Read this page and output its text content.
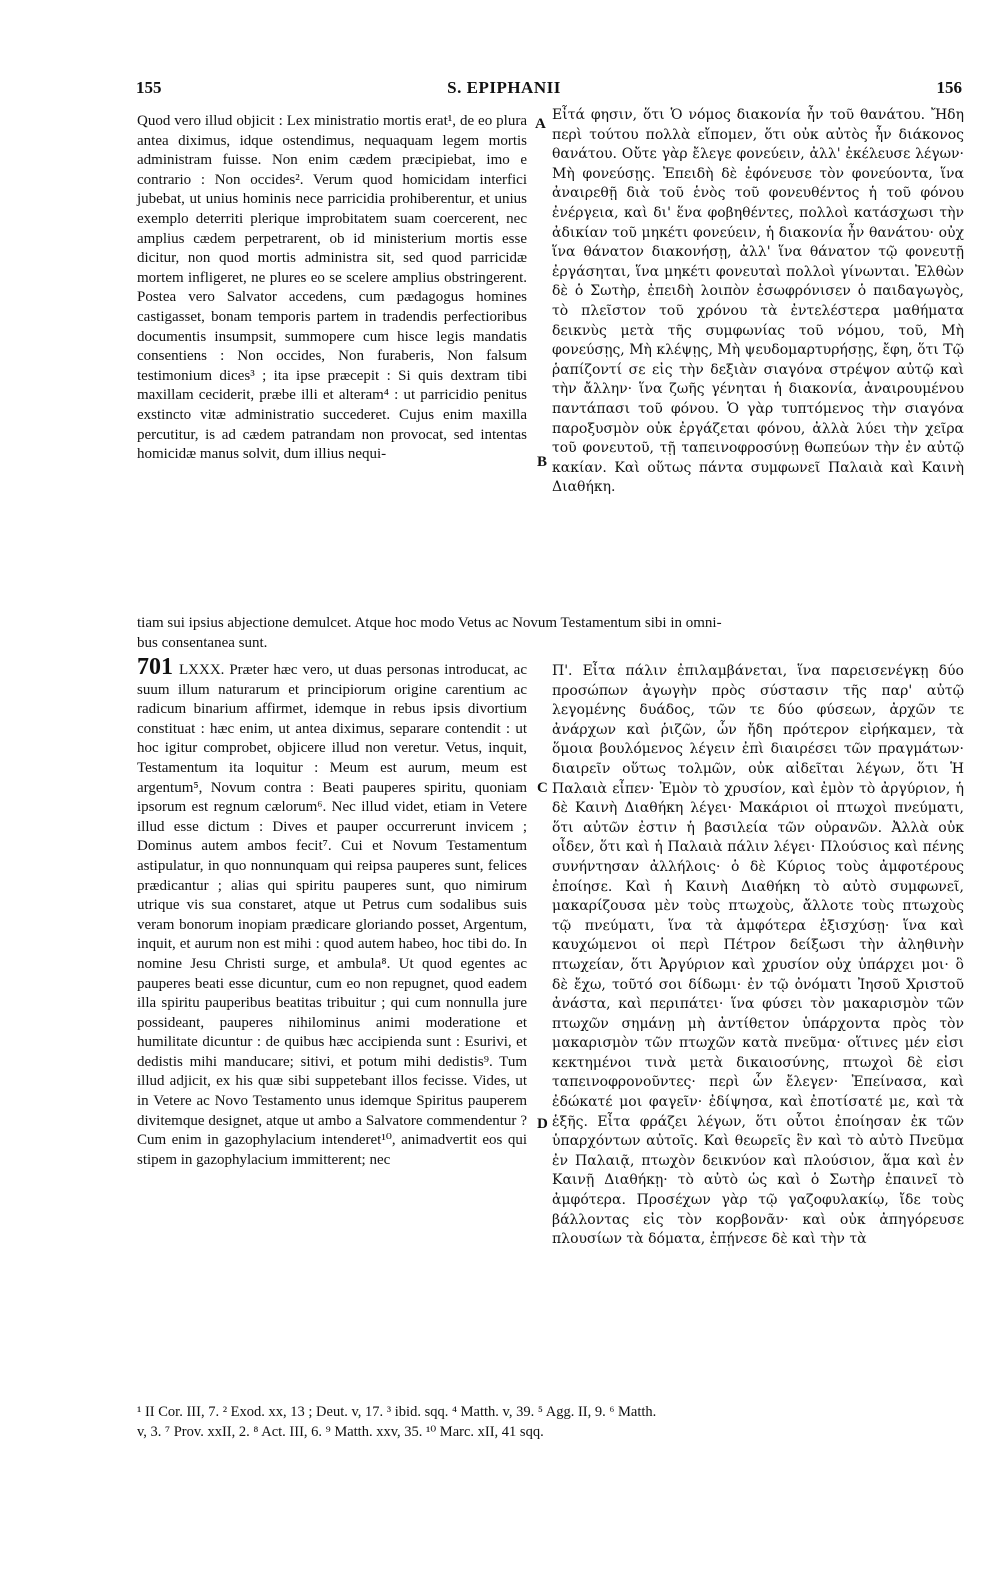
155	S. EPIPHANII	156

Quod vero illud objicit : Lex ministratio mortis erat¹, de eo plura antea diximus, idque ostendimus, nequaquam legem mortis administram fuisse. Non enim cædem præcipiebat, imo e contrario : Non occides². Verum quod homicidam interfici jubebat, ut unius hominis nece parricidia prohiberentur, et unius exemplo deterriti plerique improbitatem suam coercerent, nec amplius cædem perpetrarent, ob id ministerium mortis esse dicitur, non quod mortis administra sit, sed quod parricidæ mortem infligeret, ne plures eo se scelere amplius obstringerent. Postea vero Salvator accedens, cum pædagogus homines castigasset, bonam temporis partem in tradendis perfectioribus documentis insumpsit, summopere cum hisce legis mandatis consentiens : Non occides, Non furaberis, Non falsum testimonium dices³ ; ita ipse præcepit : Si quis dextram tibi maxillam ceciderit, præbe illi et alteram⁴ : ut parricidio penitus exstincto vitæ administratio succederet. Cujus enim maxilla percutitur, is ad cædem patrandam non provocat, sed intentas homicidæ manus solvit, dum illius nequi-

Εἶτά φησιν, ὅτι Ὁ νόμος διακονία ἦν τοῦ θανάτου. Ἤδη περὶ τούτου πολλὰ εἴπομεν, ὅτι οὐκ αὐτὸς ἦν διάκονος θανάτου. Οὔτε γὰρ ἔλεγε φονεύειν, ἀλλ' ἐκέλευσε λέγων· Μὴ φονεύσῃς. Ἐπειδὴ δὲ ἐφόνευσε τὸν φονεύοντα, ἵνα ἀναιρεθῇ διὰ τοῦ ἑνὸς τοῦ φονευθέντος ἡ τοῦ φόνου ἐνέργεια, καὶ δι' ἕνα φοβηθέντες, πολλοὶ κατάσχωσι τὴν ἀδικίαν τοῦ μηκέτι φονεύειν, ἡ διακονία ἦν θανάτου· οὐχ ἵνα θάνατον διακονήσῃ, ἀλλ' ἵνα θάνατον τῷ φονευτῇ ἐργάσηται, ἵνα μηκέτι φονευταὶ πολλοὶ γίνωνται. Ἐλθὼν δὲ ὁ Σωτὴρ, ἐπειδὴ λοιπὸν ἐσωφρόνισεν ὁ παιδαγωγὸς, τὸ πλεῖστον τοῦ χρόνου τὰ ἐντελέστερα μαθήματα δεικνὺς μετὰ τῆς συμφωνίας τοῦ νόμου, τοῦ, Μὴ φονεύσῃς, Μὴ κλέψῃς, Μὴ ψευδομαρτυρήσῃς, ἔφη, ὅτι Τῷ ῥαπίζοντί σε εἰς τὴν δεξιὰν σιαγόνα στρέψον αὐτῷ καὶ τὴν ἄλλην· ἵνα ζωῆς γένηται ἡ διακονία, ἀναιρουμένου παντάπασι τοῦ φόνου. Ὁ γὰρ τυπτόμενος τὴν σιαγόνα παροξυσμὸν οὐκ ἐργάζεται φόνου, ἀλλὰ λύει τὴν χεῖρα τοῦ φονευτοῦ, τῇ ταπεινοφροσύνῃ θωπεύων τὴν ἐν αὐτῷ κακίαν. Καὶ οὕτως πάντα συμφωνεῖ Παλαιὰ καὶ Καινὴ Διαθήκη.

A
B
C
D
tiam sui ipsius abjectione demulcet. Atque hoc modo Vetus ac Novum Testamentum sibi in omni-
bus consentanea sunt.

701 LXXX. Præter hæc vero, ut duas personas introducat, ac suum illum naturarum et principiorum origine carentium ac radicum binarium affirmet, idemque in rebus ipsis divortium constituat : hæc enim, ut antea diximus, separare contendit : ut hoc igitur comprobet, objicere illud non veretur. Vetus, inquit, Testamentum ita loquitur : Meum est aurum, meum est argentum⁵, Novum contra : Beati pauperes spiritu, quoniam ipsorum est regnum cælorum⁶. Nec illud videt, etiam in Vetere illud esse dictum : Dives et pauper occurrerunt invicem ; Dominus autem ambos fecit⁷. Cui et Novum Testamentum astipulatur, in quo nonnunquam qui reipsa pauperes sunt, felices prædicantur ; alias qui spiritu pauperes sunt, quo nimirum utrique vis sua constaret, atque ut Petrus cum sodalibus suis veram bonorum inopiam prædicare gloriando posset, Argentum, inquit, et aurum non est mihi : quod autem habeo, hoc tibi do. In nomine Jesu Christi surge, et ambula⁸. Ut quod egentes ac pauperes beati esse dicuntur, cum eo non repugnet, quod eadem illa spiritu pauperibus beatitas tribuitur ; qui cum nonnulla jure possideant, pauperes nihilominus animi moderatione et humilitate dicuntur : de quibus hæc accipienda sunt : Esurivi, et dedistis mihi manducare; sitivi, et potum mihi dedistis⁹. Tum illud adjicit, ex his quæ sibi suppetebant illos fecisse. Vides, ut in Vetere ac Novo Testamento unus idemque Spiritus pauperem divitemque designet, atque ut ambo a Salvatore commendentur ? Cum enim in gazophylacium intenderet¹⁰, animadvertit eos qui stipem in gazophylacium immitterent; nec

Π'. Εἶτα πάλιν ἐπιλαμβάνεται, ἵνα παρεισενέγκῃ δύο προσώπων ἀγωγὴν πρὸς σύστασιν τῆς παρ' αὐτῷ λεγομένης δυάδος, τῶν τε δύο φύσεων, ἀρχῶν τε ἀνάρχων καὶ ῥιζῶν, ὧν ἤδη πρότερον εἰρήκαμεν, τὰ ὅμοια βουλόμενος λέγειν ἐπὶ διαιρέσει τῶν πραγμάτων· διαιρεῖν οὕτως τολμῶν, οὐκ αἰδεῖται λέγων, ὅτι Ἡ Παλαιὰ εἶπεν· Ἐμὸν τὸ χρυσίον, καὶ ἐμὸν τὸ ἀργύριον, ἡ δὲ Καινὴ Διαθήκη λέγει· Μακάριοι οἱ πτωχοὶ πνεύματι, ὅτι αὐτῶν ἐστιν ἡ βασιλεία τῶν οὐρανῶν. Ἀλλὰ οὐκ οἶδεν, ὅτι καὶ ἡ Παλαιὰ πάλιν λέγει· Πλούσιος καὶ πένης συνήντησαν ἀλλήλοις· ὁ δὲ Κύριος τοὺς ἀμφοτέρους ἐποίησε. Καὶ ἡ Καινὴ Διαθήκη τὸ αὐτὸ συμφωνεῖ, μακαρίζουσα μὲν τοὺς πτωχοὺς, ἄλλοτε τοὺς πτωχοὺς τῷ πνεύματι, ἵνα τὰ ἀμφότερα ἐξισχύσῃ· ἵνα καὶ καυχώμενοι οἱ περὶ Πέτρον δείξωσι τὴν ἀληθινὴν πτωχείαν, ὅτι Ἀργύριον καὶ χρυσίον οὐχ ὑπάρχει μοι· ὃ δὲ ἔχω, τοῦτό σοι δίδωμι· ἐν τῷ ὀνόματι Ἰησοῦ Χριστοῦ ἀνάστα, καὶ περιπάτει· ἵνα φύσει τὸν μακαρισμὸν τῶν πτωχῶν σημάνῃ μὴ ἀντίθετον ὑπάρχοντα πρὸς τὸν μακαρισμὸν τῶν πτωχῶν κατὰ πνεῦμα· οἵτινες μέν εἰσι κεκτημένοι τινὰ μετὰ δικαιοσύνης, πτωχοὶ δὲ εἰσι ταπεινοφρονοῦντες· περὶ ὧν ἔλεγεν· Ἐπείνασα, καὶ ἐδώκατέ μοι φαγεῖν· ἐδίψησα, καὶ ἐποτίσατέ με, καὶ τὰ ἑξῆς. Εἶτα φράζει λέγων, ὅτι οὗτοι ἐποίησαν ἐκ τῶν ὑπαρχόντων αὐτοῖς. Καὶ θεωρεῖς ἓν καὶ τὸ αὐτὸ Πνεῦμα ἐν Παλαιᾷ, πτωχὸν δεικνύον καὶ πλούσιον, ἅμα καὶ ἐν Καινῇ Διαθήκῃ· τὸ αὐτὸ ὡς καὶ ὁ Σωτὴρ ἐπαινεῖ τὸ ἀμφότερα. Προσέχων γὰρ τῷ γαζοφυλακίῳ, ἴδε τοὺς βάλλοντας εἰς τὸν κορβονᾶν· καὶ οὐκ ἀπηγόρευσε πλουσίων τὰ δόματα, ἐπῄνεσε δὲ καὶ τὴν τὰ

¹ II Cor. III, 7. ² Exod. xx, 13 ; Deut. v, 17. ³ ibid. sqq. ⁴ Matth. v, 39. ⁵ Agg. II, 9. ⁶ Matth.

v, 3. ⁷ Prov. xxII, 2. ⁸ Act. III, 6. ⁹ Matth. xxv, 35. ¹⁰ Marc. xII, 41 sqq.
